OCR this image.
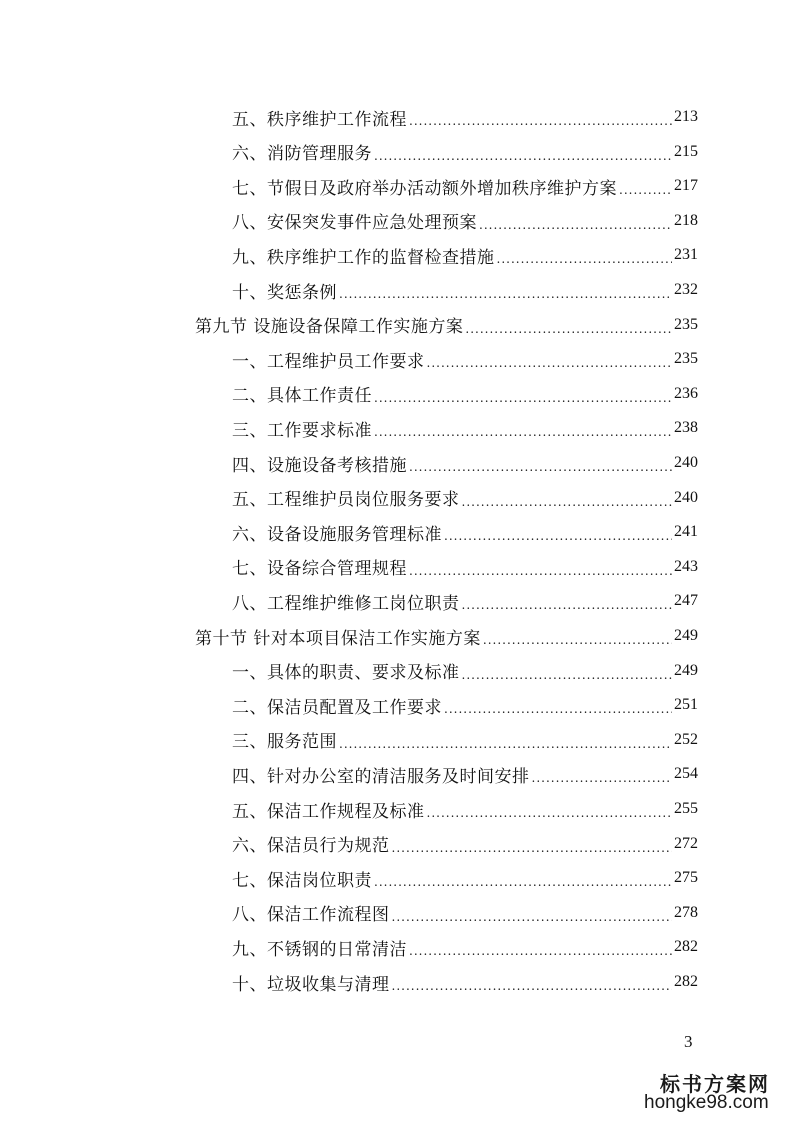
五、秩序维护工作流程 .....	213
六、消防管理服务 .....	215
七、节假日及政府举办活动额外增加秩序维护方案 .....	217
八、安保突发事件应急处理预案 .....	218
九、秩序维护工作的监督检查措施 .....	231
十、奖惩条例 .....	232
第九节 设施设备保障工作实施方案 .....	235
一、工程维护员工作要求 .....	235
二、具体工作责任 .....	236
三、工作要求标准 .....	238
四、设施设备考核措施 .....	240
五、工程维护员岗位服务要求 .....	240
六、设备设施服务管理标准 .....	241
七、设备综合管理规程 .....	243
八、工程维护维修工岗位职责 .....	247
第十节 针对本项目保洁工作实施方案 .....	249
一、具体的职责、要求及标准 .....	249
二、保洁员配置及工作要求 .....	251
三、服务范围 .....	252
四、针对办公室的清洁服务及时间安排 .....	254
五、保洁工作规程及标准 .....	255
六、保洁员行为规范 .....	272
七、保洁岗位职责 .....	275
八、保洁工作流程图 .....	278
九、不锈钢的日常清洁 .....	282
十、垃圾收集与清理 .....	282
3
标书方案网
hongke98.com
